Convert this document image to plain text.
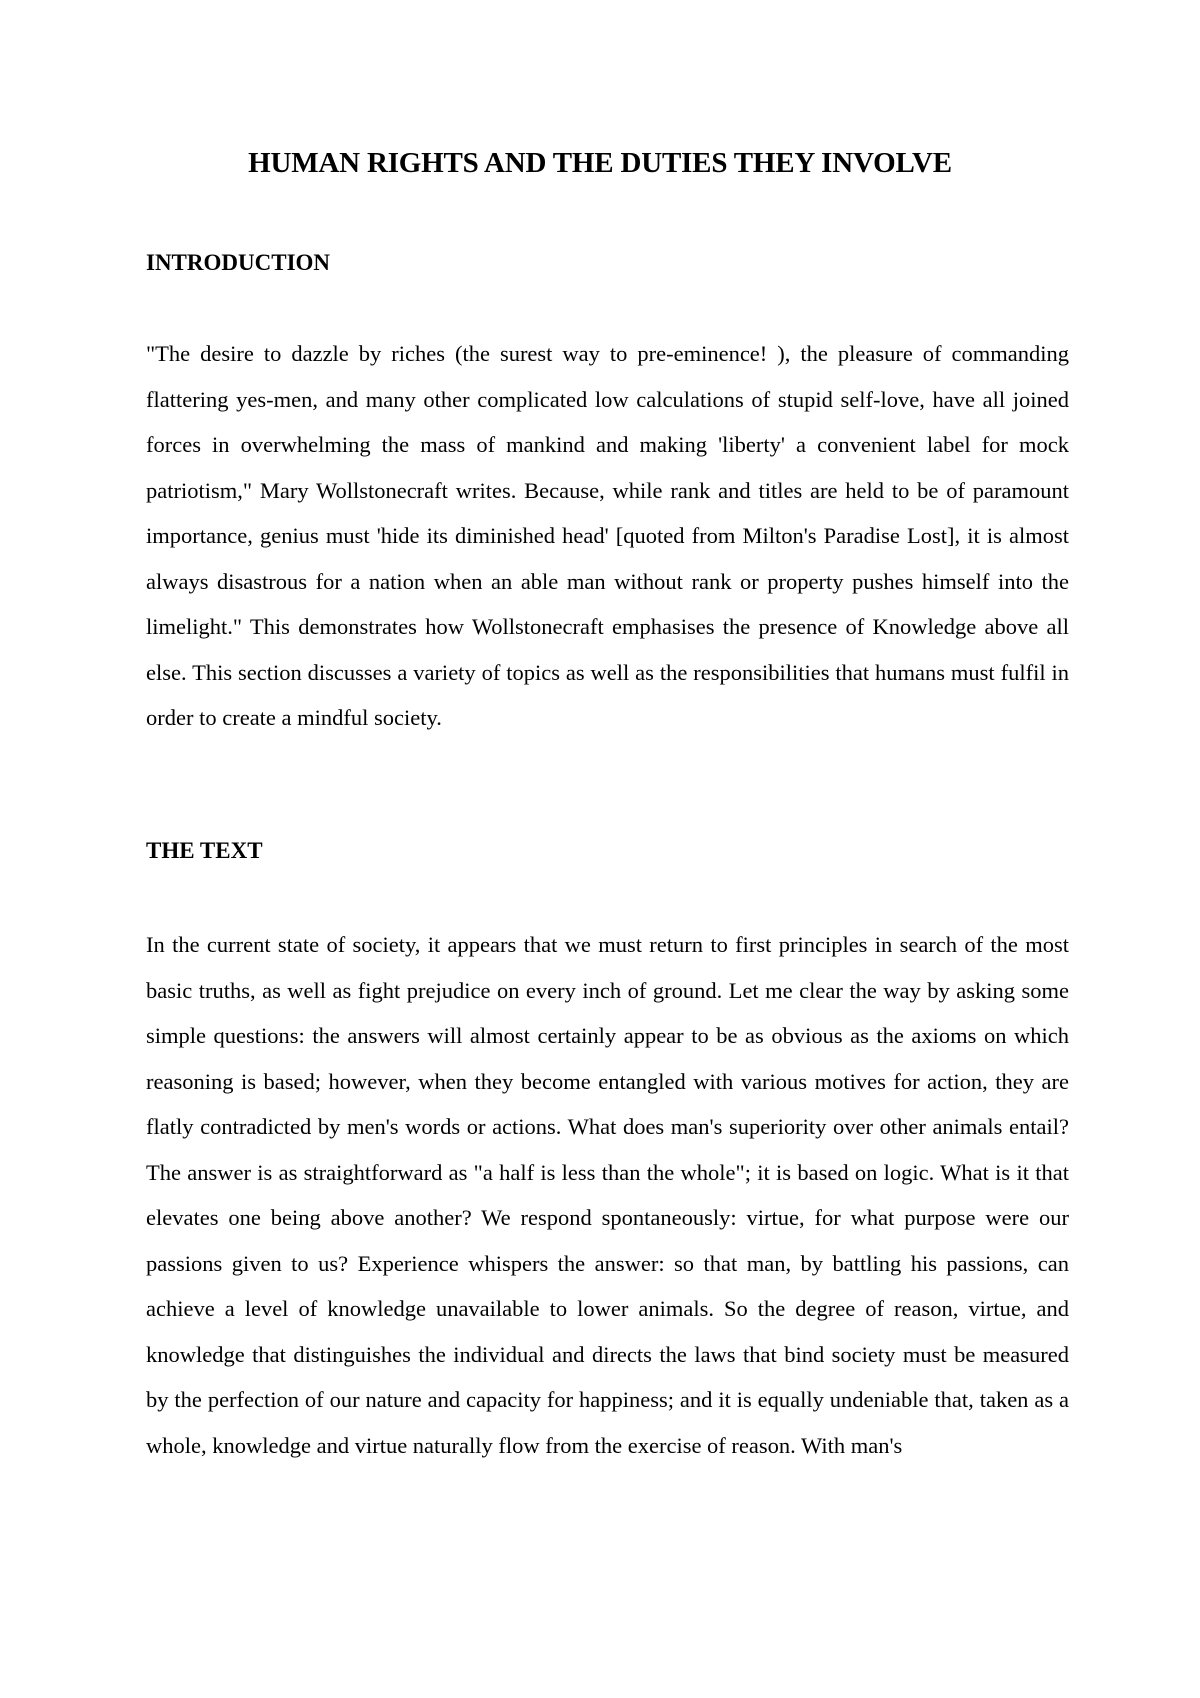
HUMAN RIGHTS AND THE DUTIES THEY INVOLVE
INTRODUCTION

"The desire to dazzle by riches (the surest way to pre-eminence! ), the pleasure of commanding flattering yes-men, and many other complicated low calculations of stupid self-love, have all joined forces in overwhelming the mass of mankind and making 'liberty' a convenient label for mock patriotism," Mary Wollstonecraft writes. Because, while rank and titles are held to be of paramount importance, genius must 'hide its diminished head' [quoted from Milton's Paradise Lost], it is almost always disastrous for a nation when an able man without rank or property pushes himself into the limelight." This demonstrates how Wollstonecraft emphasises the presence of Knowledge above all else. This section discusses a variety of topics as well as the responsibilities that humans must fulfil in order to create a mindful society.

THE TEXT

In the current state of society, it appears that we must return to first principles in search of the most basic truths, as well as fight prejudice on every inch of ground. Let me clear the way by asking some simple questions: the answers will almost certainly appear to be as obvious as the axioms on which reasoning is based; however, when they become entangled with various motives for action, they are flatly contradicted by men's words or actions. What does man's superiority over other animals entail? The answer is as straightforward as "a half is less than the whole"; it is based on logic. What is it that elevates one being above another? We respond spontaneously: virtue, for what purpose were our passions given to us? Experience whispers the answer: so that man, by battling his passions, can achieve a level of knowledge unavailable to lower animals. So the degree of reason, virtue, and knowledge that distinguishes the individual and directs the laws that bind society must be measured by the perfection of our nature and capacity for happiness; and it is equally undeniable that, taken as a whole, knowledge and virtue naturally flow from the exercise of reason. With man's
